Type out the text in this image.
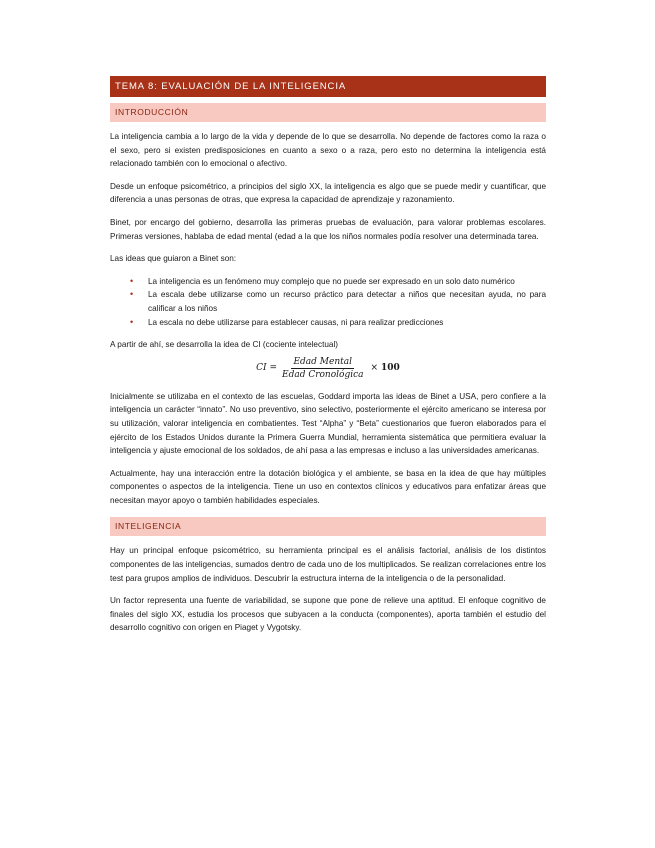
TEMA 8: EVALUACIÓN DE LA INTELIGENCIA
INTRODUCCIÓN

La inteligencia cambia a lo largo de la vida y depende de lo que se desarrolla. No depende de factores como la raza o el sexo, pero si existen predisposiciones en cuanto a sexo o a raza, pero esto no determina la inteligencia está relacionado también con lo emocional o afectivo.

Desde un enfoque psicométrico, a principios del siglo XX, la inteligencia es algo que se puede medir y cuantificar, que diferencia a unas personas de otras, que expresa la capacidad de aprendizaje y razonamiento.

Binet, por encargo del gobierno, desarrolla las primeras pruebas de evaluación, para valorar problemas escolares. Primeras versiones, hablaba de edad mental (edad a la que los niños normales podía resolver una determinada tarea.

Las ideas que guiaron a Binet son:

• La inteligencia es un fenómeno muy complejo que no puede ser expresado en un solo dato numérico
• La escala debe utilizarse como un recurso práctico para detectar a niños que necesitan ayuda, no para calificar a los niños
• La escala no debe utilizarse para establecer causas, ni para realizar predicciones

A partir de ahí, se desarrolla la idea de CI (cociente intelectual)

CI = $\frac{\text{Edad Mental}}{\text{Edad Cronológica}} \times 100$

Inicialmente se utilizaba en el contexto de las escuelas, Goddard importa las ideas de Binet a USA, pero confiere a la inteligencia un carácter “innato”. No uso preventivo, sino selectivo, posteriormente el ejército americano se interesa por su utilización, valorar inteligencia en combatientes. Test “Alpha” y “Beta” cuestionarios que fueron elaborados para el ejército de los Estados Unidos durante la Primera Guerra Mundial, herramienta sistemática que permitiera evaluar la inteligencia y ajuste emocional de los soldados, de ahí pasa a las empresas e incluso a las universidades americanas.

Actualmente, hay una interacción entre la dotación biológica y el ambiente, se basa en la idea de que hay múltiples componentes o aspectos de la inteligencia. Tiene un uso en contextos clínicos y educativos para enfatizar áreas que necesitan mayor apoyo o también habilidades especiales.

INTELIGENCIA

Hay un principal enfoque psicométrico, su herramienta principal es el análisis factorial, análisis de los distintos componentes de las inteligencias, sumados dentro de cada uno de los multiplicados. Se realizan correlaciones entre los test para grupos amplios de individuos. Descubrir la estructura interna de la inteligencia o de la personalidad.

Un factor representa una fuente de variabilidad, se supone que pone de relieve una aptitud. El enfoque cognitivo de finales del siglo XX, estudia los procesos que subyacen a la conducta (componentes), aporta también el estudio del desarrollo cognitivo con origen en Piaget y Vygotsky.
